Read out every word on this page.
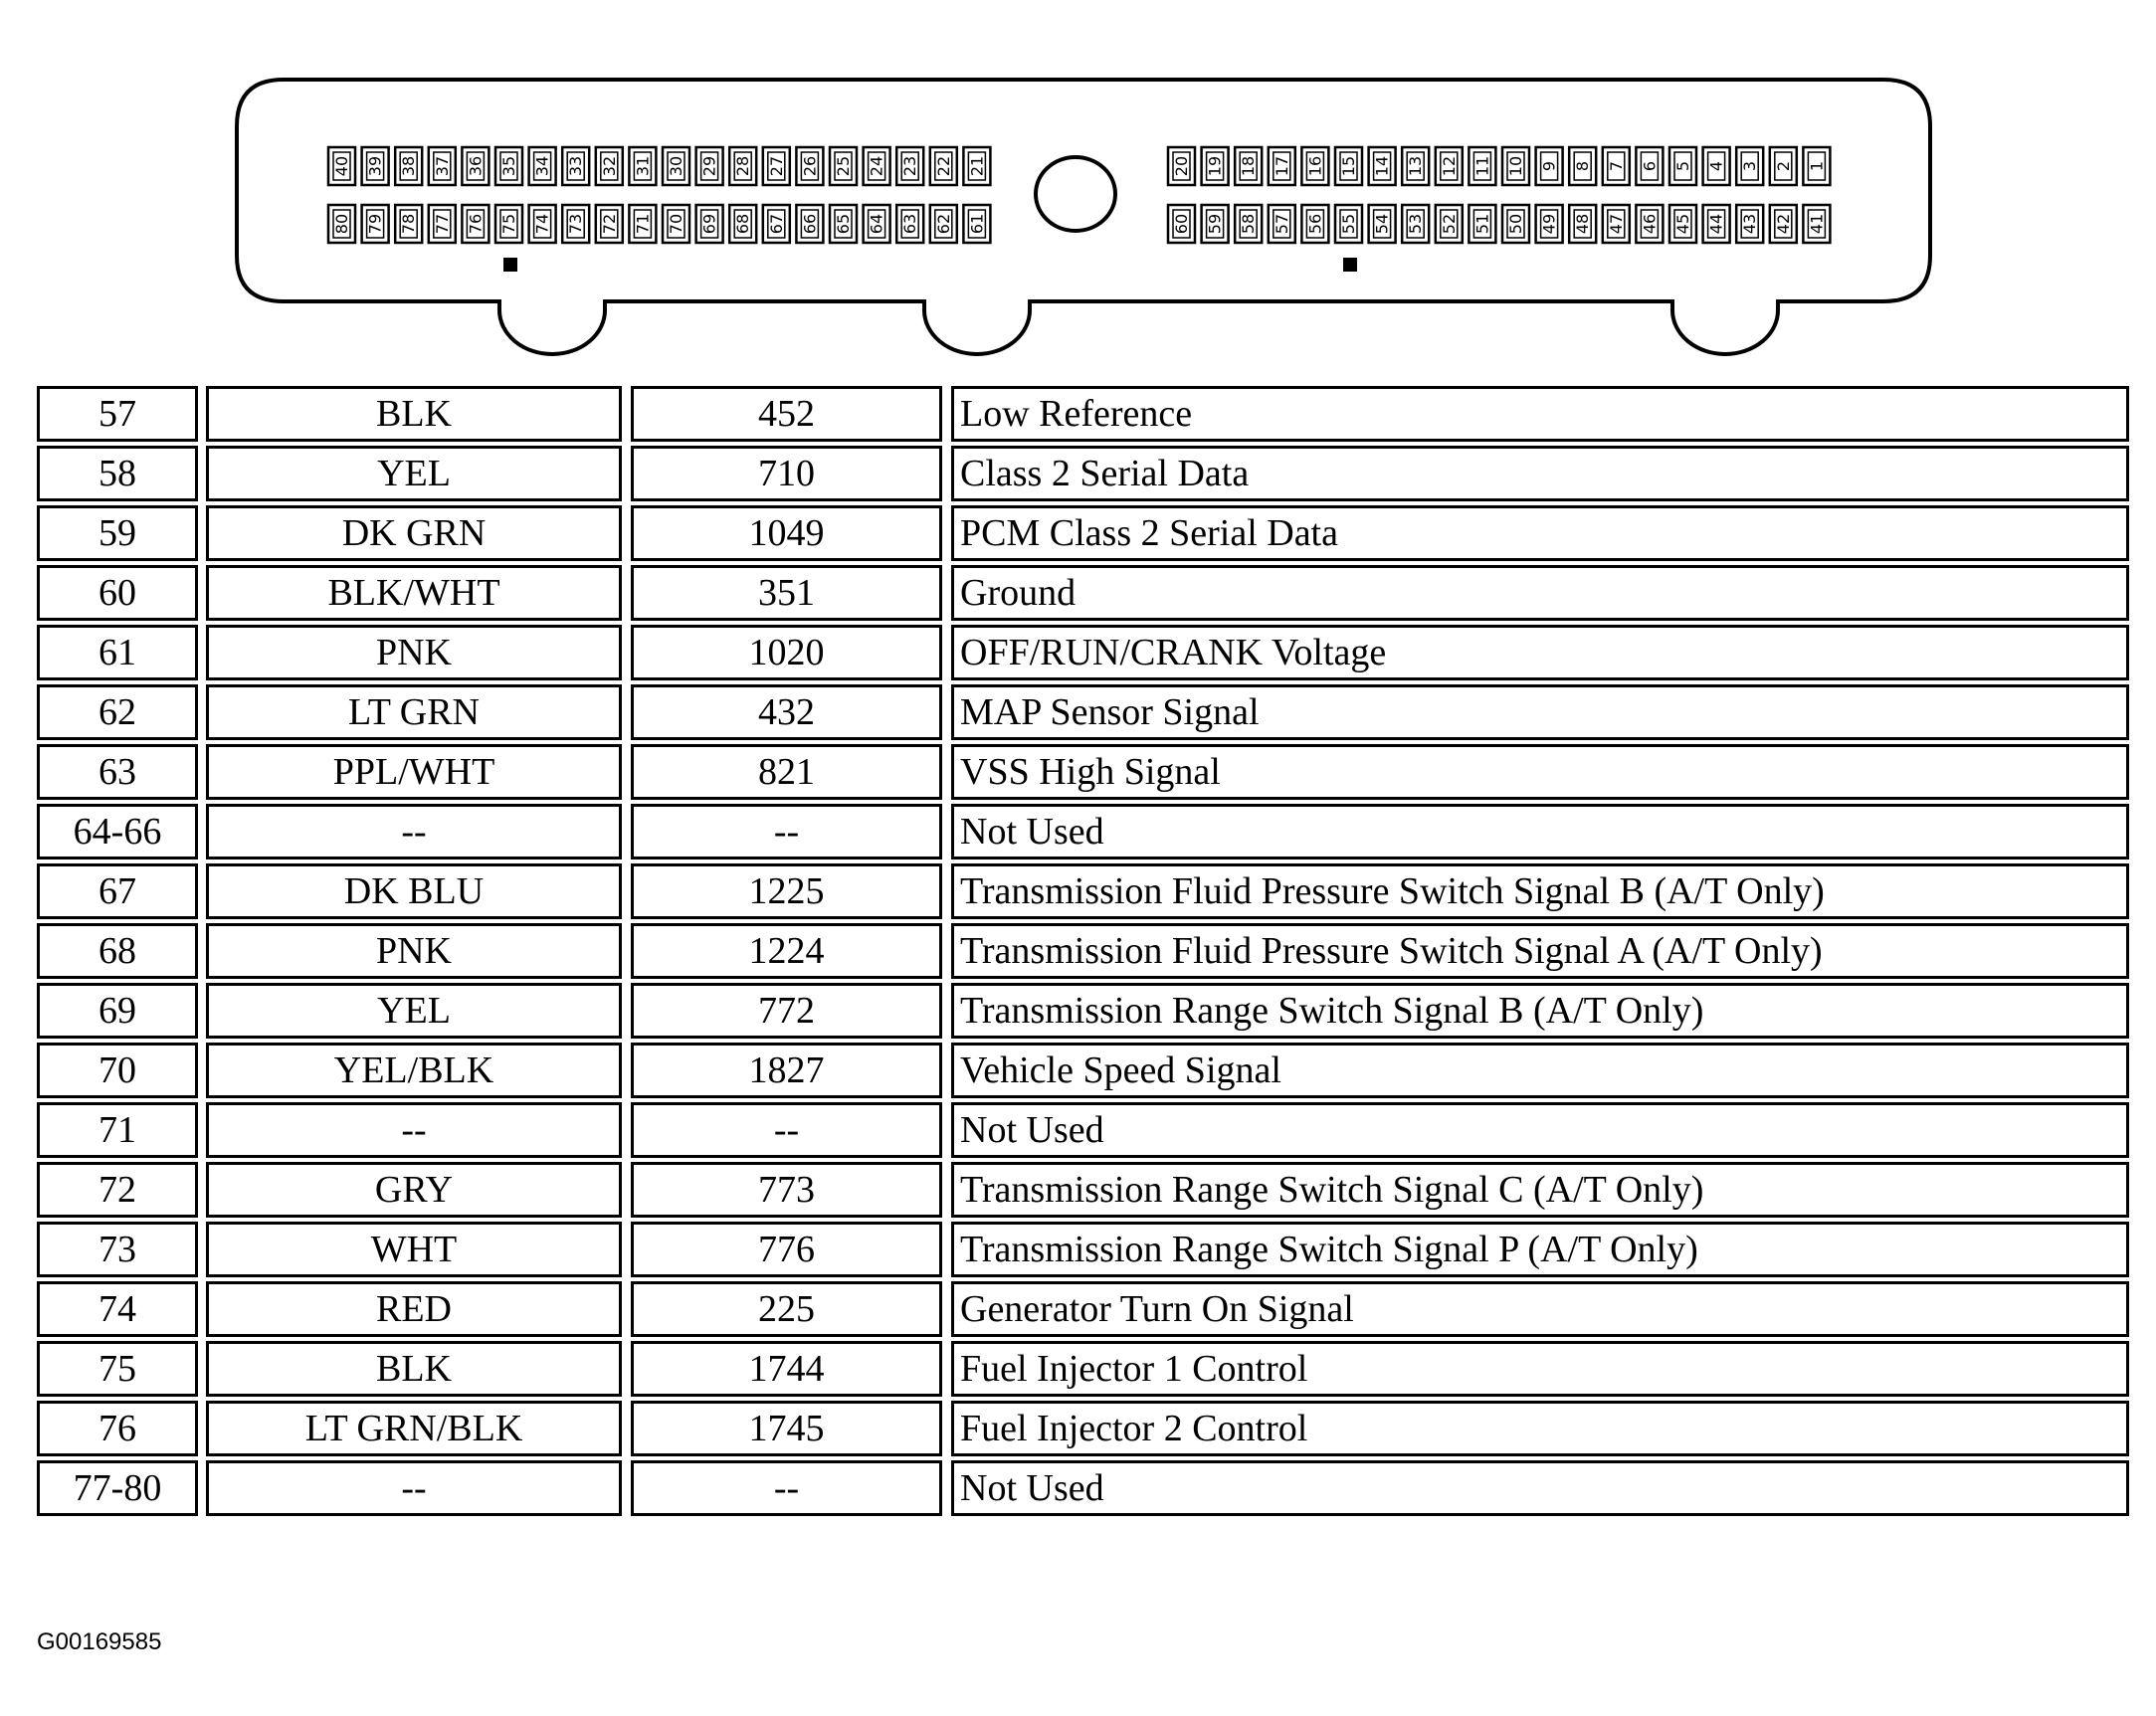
40 39 38 37 36 35 34 33 32 31 30 29 28 27 26 25 24 23 22 21
80 79 78 77 76 75 74 73 72 71 70 69 68 67 66 65 64 63 62 61
20 19 18 17 16 15 14 13 12 11 10 9 8 7 6 5 4 3 2 1
60 59 58 57 56 55 54 53 52 51 50 49 48 47 46 45 44 43 42 41
57	BLK	452	Low Reference

58	YEL	710	Class 2 Serial Data

59	DK GRN	1049	PCM Class 2 Serial Data

60	BLK/WHT	351	Ground

61	PNK	1020	OFF/RUN/CRANK Voltage

62	LT GRN	432	MAP Sensor Signal

63	PPL/WHT	821	VSS High Signal

64-66	--	--	Not Used

67	DK BLU	1225	Transmission Fluid Pressure Switch Signal B (A/T Only)

68	PNK	1224	Transmission Fluid Pressure Switch Signal A (A/T Only)

69	YEL	772	Transmission Range Switch Signal B (A/T Only)

70	YEL/BLK	1827	Vehicle Speed Signal

71	--	--	Not Used

72	GRY	773	Transmission Range Switch Signal C (A/T Only)

73	WHT	776	Transmission Range Switch Signal P (A/T Only)

74	RED	225	Generator Turn On Signal

75	BLK	1744	Fuel Injector 1 Control

76	LT GRN/BLK	1745	Fuel Injector 2 Control

77-80	--	--	Not Used
G00169585
